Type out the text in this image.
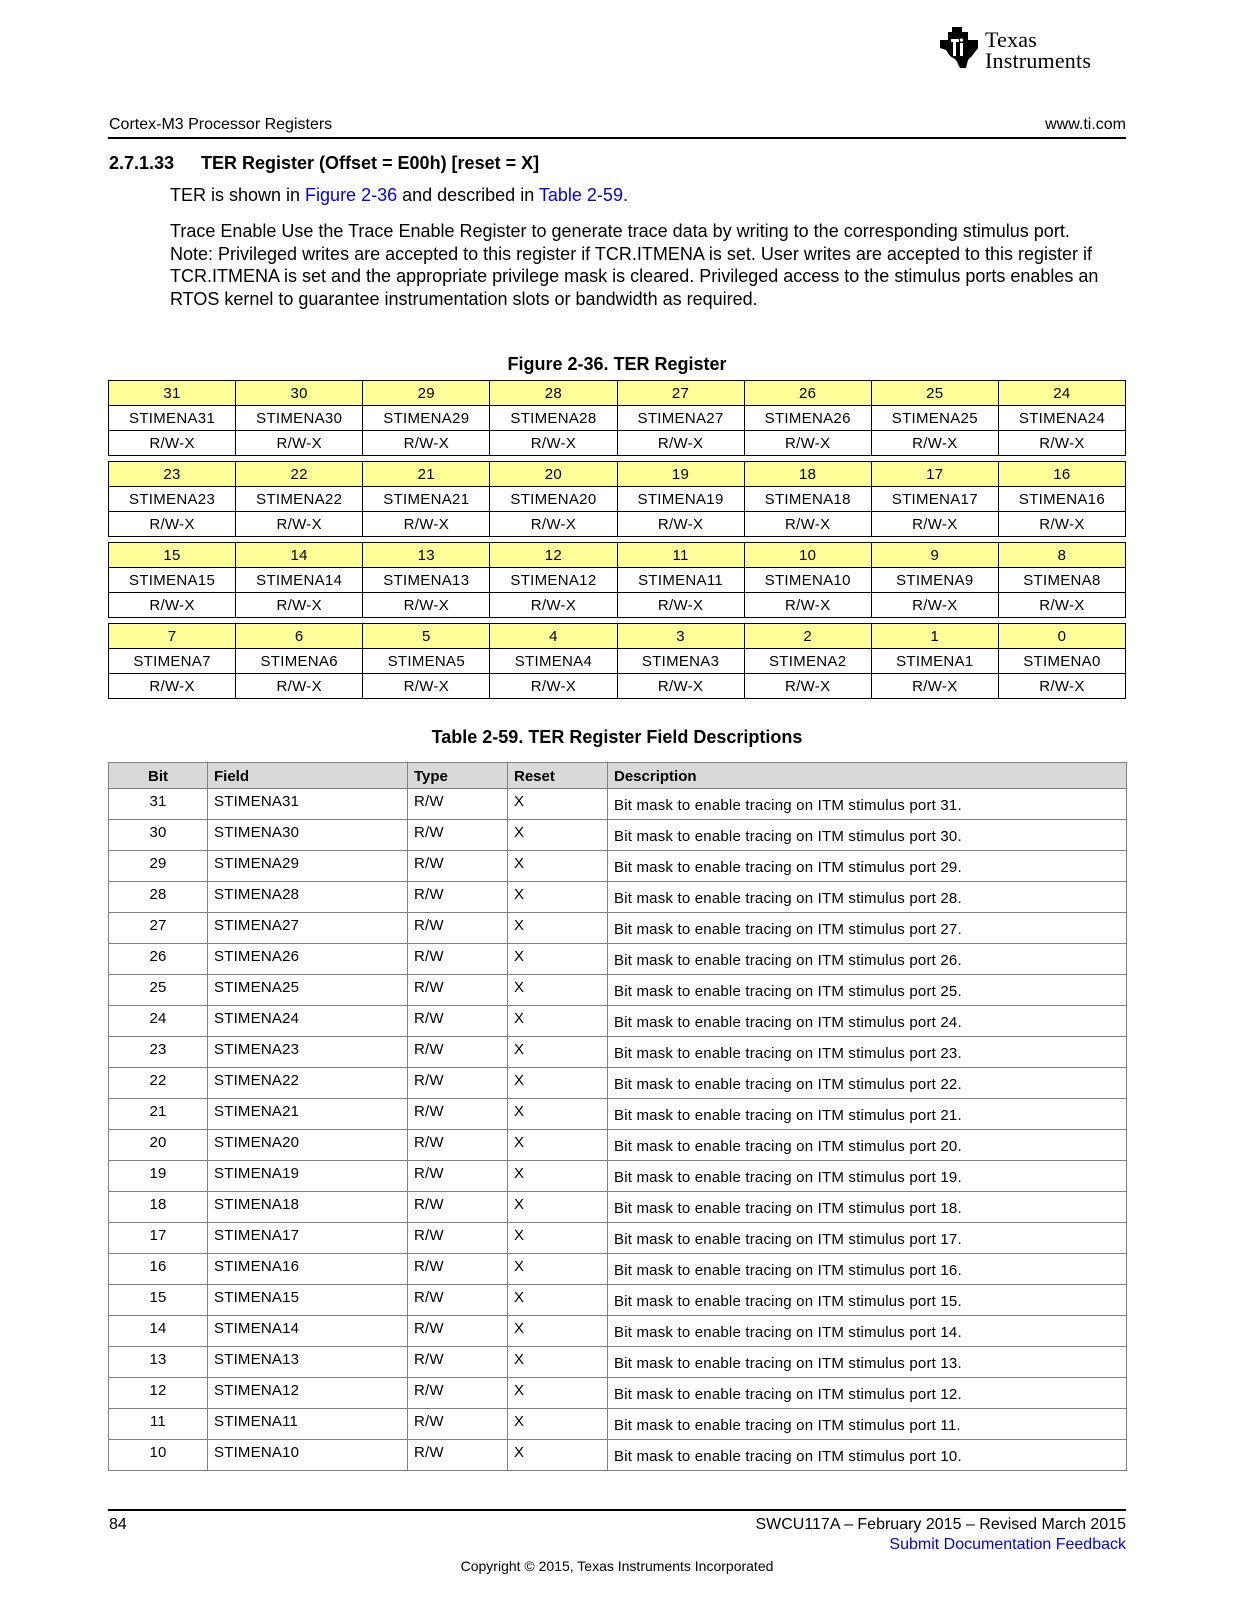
Texas
Instruments
Cortex-M3 Processor Registers	www.ti.com
2.7.1.33 TER Register (Offset = E00h) [reset = X]
TER is shown in Figure 2-36 and described in Table 2-59.
Trace Enable Use the Trace Enable Register to generate trace data by writing to the corresponding stimulus port. Note: Privileged writes are accepted to this register if TCR.ITMENA is set. User writes are accepted to this register if TCR.ITMENA is set and the appropriate privilege mask is cleared. Privileged access to the stimulus ports enables an RTOS kernel to guarantee instrumentation slots or bandwidth as required.
Figure 2-36. TER Register
31	30	29	28	27	26	25	24
STIMENA31	STIMENA30	STIMENA29	STIMENA28	STIMENA27	STIMENA26	STIMENA25	STIMENA24
R/W-X	R/W-X	R/W-X	R/W-X	R/W-X	R/W-X	R/W-X	R/W-X

23	22	21	20	19	18	17	16
STIMENA23	STIMENA22	STIMENA21	STIMENA20	STIMENA19	STIMENA18	STIMENA17	STIMENA16
R/W-X	R/W-X	R/W-X	R/W-X	R/W-X	R/W-X	R/W-X	R/W-X

15	14	13	12	11	10	9	8
STIMENA15	STIMENA14	STIMENA13	STIMENA12	STIMENA11	STIMENA10	STIMENA9	STIMENA8
R/W-X	R/W-X	R/W-X	R/W-X	R/W-X	R/W-X	R/W-X	R/W-X

7	6	5	4	3	2	1	0
STIMENA7	STIMENA6	STIMENA5	STIMENA4	STIMENA3	STIMENA2	STIMENA1	STIMENA0
R/W-X	R/W-X	R/W-X	R/W-X	R/W-X	R/W-X	R/W-X	R/W-X
Table 2-59. TER Register Field Descriptions
Bit	Field	Type	Reset	Description
31	STIMENA31	R/W	X	Bit mask to enable tracing on ITM stimulus port 31.
30	STIMENA30	R/W	X	Bit mask to enable tracing on ITM stimulus port 30.
29	STIMENA29	R/W	X	Bit mask to enable tracing on ITM stimulus port 29.
28	STIMENA28	R/W	X	Bit mask to enable tracing on ITM stimulus port 28.
27	STIMENA27	R/W	X	Bit mask to enable tracing on ITM stimulus port 27.
26	STIMENA26	R/W	X	Bit mask to enable tracing on ITM stimulus port 26.
25	STIMENA25	R/W	X	Bit mask to enable tracing on ITM stimulus port 25.
24	STIMENA24	R/W	X	Bit mask to enable tracing on ITM stimulus port 24.
23	STIMENA23	R/W	X	Bit mask to enable tracing on ITM stimulus port 23.
22	STIMENA22	R/W	X	Bit mask to enable tracing on ITM stimulus port 22.
21	STIMENA21	R/W	X	Bit mask to enable tracing on ITM stimulus port 21.
20	STIMENA20	R/W	X	Bit mask to enable tracing on ITM stimulus port 20.
19	STIMENA19	R/W	X	Bit mask to enable tracing on ITM stimulus port 19.
18	STIMENA18	R/W	X	Bit mask to enable tracing on ITM stimulus port 18.
17	STIMENA17	R/W	X	Bit mask to enable tracing on ITM stimulus port 17.
16	STIMENA16	R/W	X	Bit mask to enable tracing on ITM stimulus port 16.
15	STIMENA15	R/W	X	Bit mask to enable tracing on ITM stimulus port 15.
14	STIMENA14	R/W	X	Bit mask to enable tracing on ITM stimulus port 14.
13	STIMENA13	R/W	X	Bit mask to enable tracing on ITM stimulus port 13.
12	STIMENA12	R/W	X	Bit mask to enable tracing on ITM stimulus port 12.
11	STIMENA11	R/W	X	Bit mask to enable tracing on ITM stimulus port 11.
10	STIMENA10	R/W	X	Bit mask to enable tracing on ITM stimulus port 10.
84	SWCU117A – February 2015 – Revised March 2015
Submit Documentation Feedback
Copyright © 2015, Texas Instruments Incorporated
